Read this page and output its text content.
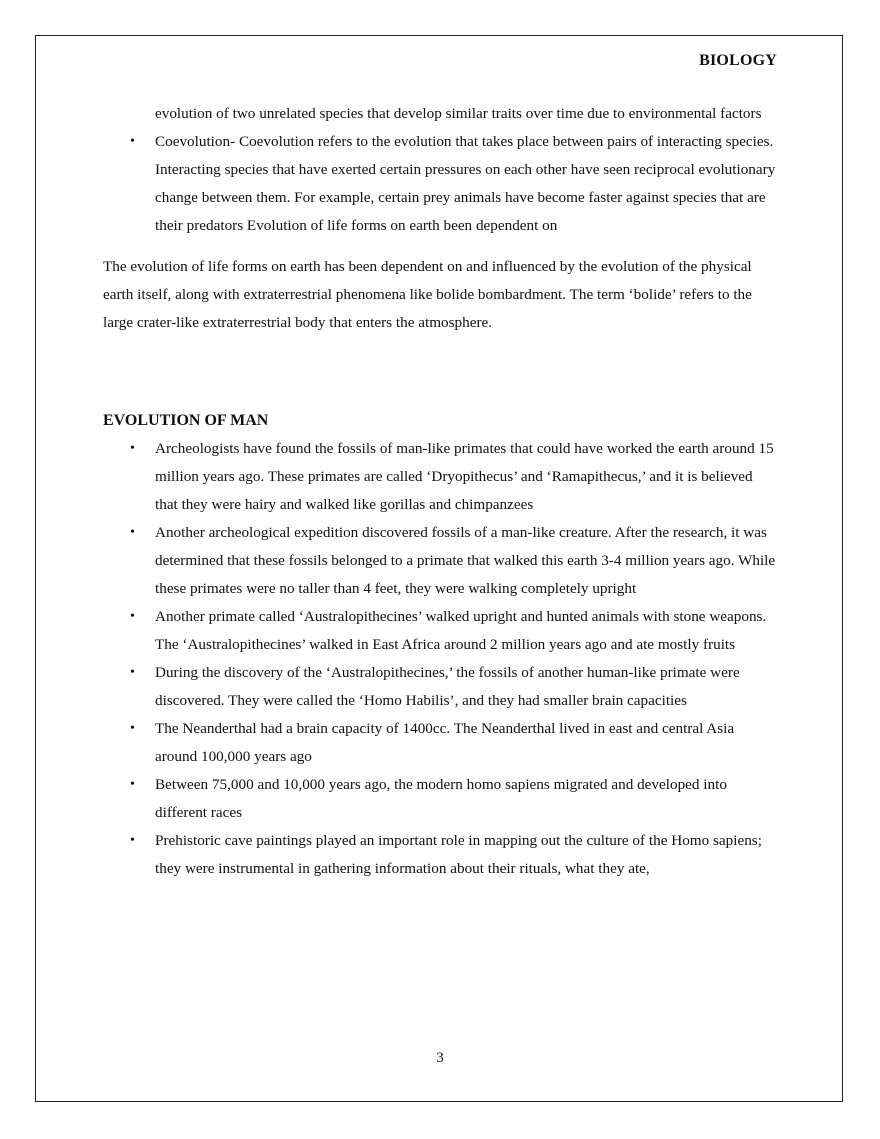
BIOLOGY

evolution of two unrelated species that develop similar traits over time due to environmental factors

• Coevolution- Coevolution refers to the evolution that takes place between pairs of interacting species. Interacting species that have exerted certain pressures on each other have seen reciprocal evolutionary change between them. For example, certain prey animals have become faster against species that are their predators Evolution of life forms on earth been dependent on

The evolution of life forms on earth has been dependent on and influenced by the evolution of the physical earth itself, along with extraterrestrial phenomena like bolide bombardment. The term ‘bolide’ refers to the large crater-like extraterrestrial body that enters the atmosphere.

EVOLUTION OF MAN
• Archeologists have found the fossils of man-like primates that could have worked the earth around 15 million years ago. These primates are called ‘Dryopithecus’ and ‘Ramapithecus,’ and it is believed that they were hairy and walked like gorillas and chimpanzees
• Another archeological expedition discovered fossils of a man-like creature. After the research, it was determined that these fossils belonged to a primate that walked this earth 3-4 million years ago. While these primates were no taller than 4 feet, they were walking completely upright
• Another primate called ‘Australopithecines’ walked upright and hunted animals with stone weapons. The ‘Australopithecines’ walked in East Africa around 2 million years ago and ate mostly fruits
• During the discovery of the ‘Australopithecines,’ the fossils of another human-like primate were discovered. They were called the ‘Homo Habilis’, and they had smaller brain capacities
• The Neanderthal had a brain capacity of 1400cc. The Neanderthal lived in east and central Asia around 100,000 years ago
• Between 75,000 and 10,000 years ago, the modern homo sapiens migrated and developed into different races
• Prehistoric cave paintings played an important role in mapping out the culture of the Homo sapiens; they were instrumental in gathering information about their rituals, what they ate,
3
